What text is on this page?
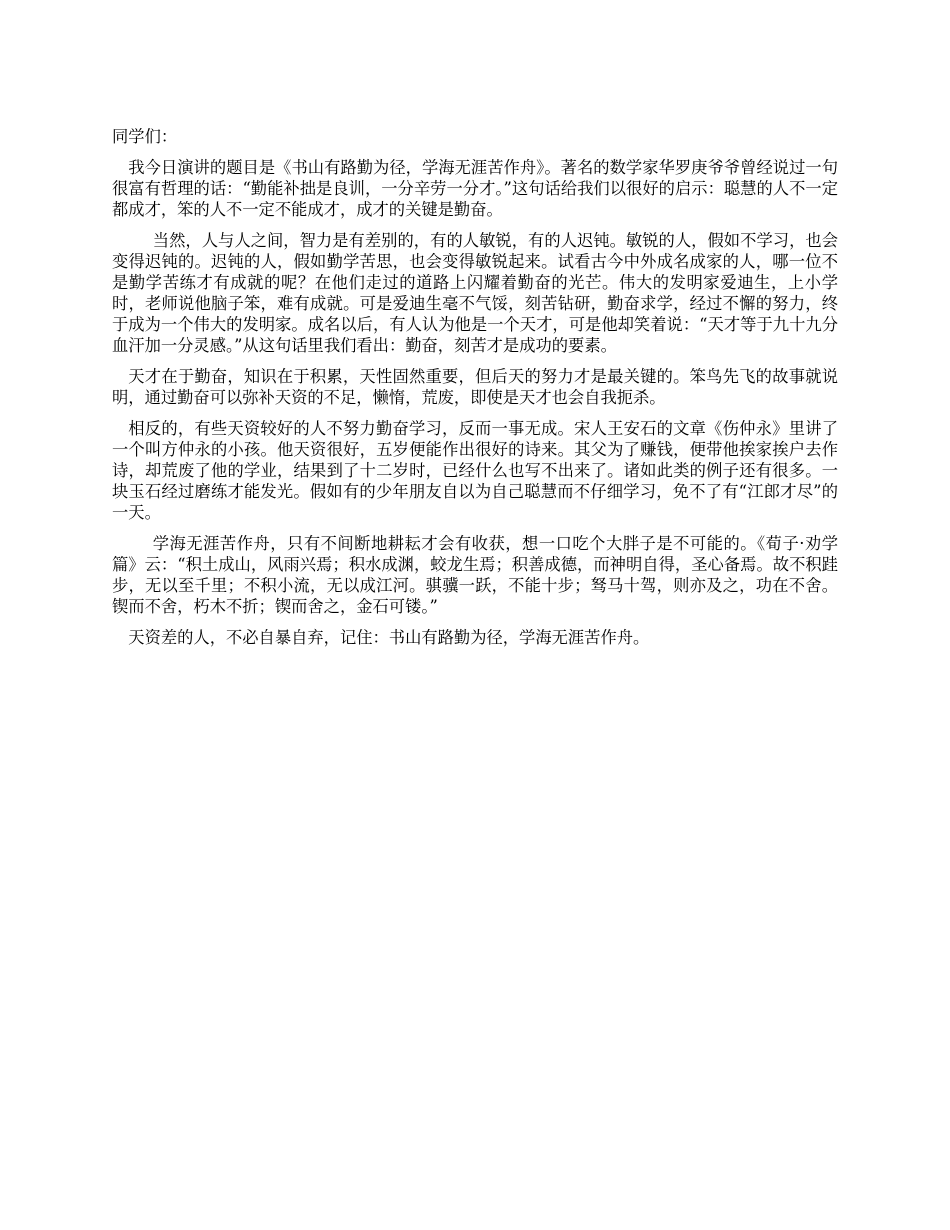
同学们：

我今日演讲的题目是《书山有路勤为径，学海无涯苦作舟》。著名的数学家华罗庚爷爷曾经说过一句很富有哲理的话：“勤能补拙是良训，一分辛劳一分才。”这句话给我们以很好的启示：聪慧的人不一定都成才，笨的人不一定不能成才，成才的关键是勤奋。

当然，人与人之间，智力是有差别的，有的人敏锐，有的人迟钝。敏锐的人，假如不学习，也会变得迟钝的。迟钝的人，假如勤学苦思，也会变得敏锐起来。试看古今中外成名成家的人，哪一位不是勤学苦练才有成就的呢？在他们走过的道路上闪耀着勤奋的光芒。伟大的发明家爱迪生，上小学时，老师说他脑子笨，难有成就。可是爱迪生毫不气馁，刻苦钻研，勤奋求学，经过不懈的努力，终于成为一个伟大的发明家。成名以后，有人认为他是一个天才，可是他却笑着说：“天才等于九十九分血汗加一分灵感。”从这句话里我们看出：勤奋，刻苦才是成功的要素。

天才在于勤奋，知识在于积累，天性固然重要，但后天的努力才是最关键的。笨鸟先飞的故事就说明，通过勤奋可以弥补天资的不足，懒惰，荒废，即使是天才也会自我扼杀。

相反的，有些天资较好的人不努力勤奋学习，反而一事无成。宋人王安石的文章《伤仲永》里讲了一个叫方仲永的小孩。他天资很好，五岁便能作出很好的诗来。其父为了赚钱，便带他挨家挨户去作诗，却荒废了他的学业，结果到了十二岁时，已经什么也写不出来了。诸如此类的例子还有很多。一块玉石经过磨练才能发光。假如有的少年朋友自以为自己聪慧而不仔细学习，免不了有“江郎才尽”的一天。

学海无涯苦作舟，只有不间断地耕耘才会有收获，想一口吃个大胖子是不可能的。《荀子·劝学篇》云：“积土成山，风雨兴焉；积水成渊，蛟龙生焉；积善成德，而神明自得，圣心备焉。故不积跬步，无以至千里；不积小流，无以成江河。骐骥一跃，不能十步；驽马十驾，则亦及之，功在不舍。锲而不舍，朽木不折；锲而舍之，金石可镂。”

天资差的人，不必自暴自弃，记住：书山有路勤为径，学海无涯苦作舟。
